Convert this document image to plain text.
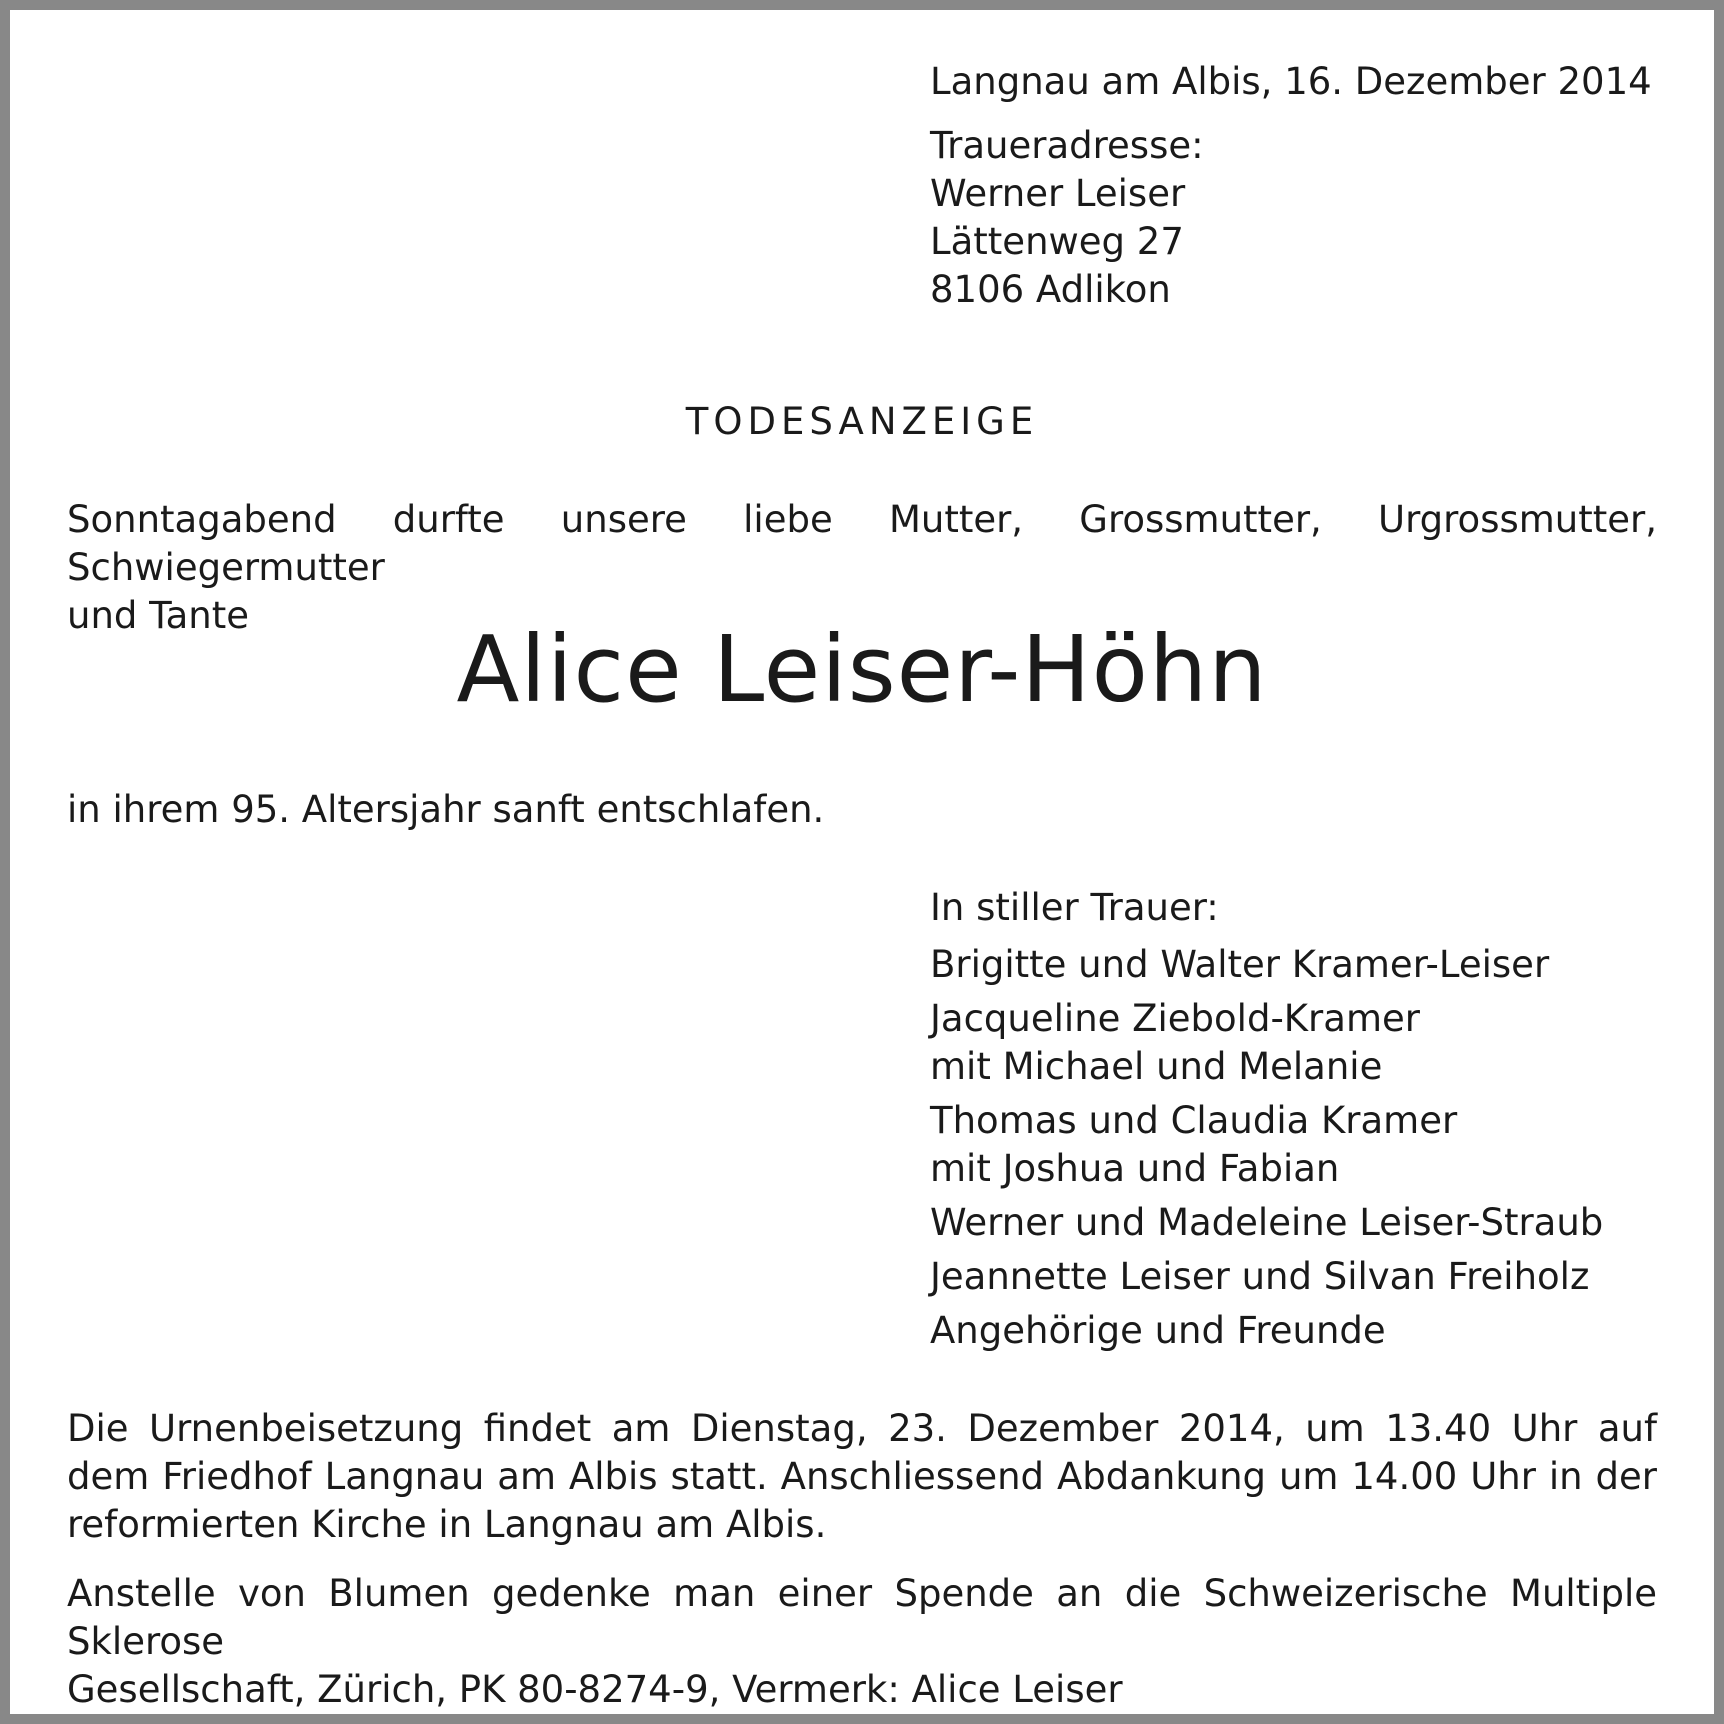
Langnau am Albis, 16. Dezember 2014
Traueradresse:
Werner Leiser
Lättenweg 27
8106 Adlikon
TODESANZEIGE
Sonntagabend durfte unsere liebe Mutter, Grossmutter, Urgrossmutter, Schwiegermutter
und Tante
Alice Leiser-Höhn
in ihrem 95. Altersjahr sanft entschlafen.
In stiller Trauer:
Brigitte und Walter Kramer-Leiser
Jacqueline Ziebold-Kramer
mit Michael und Melanie
Thomas und Claudia Kramer
mit Joshua und Fabian
Werner und Madeleine Leiser-Straub
Jeannette Leiser und Silvan Freiholz
Angehörige und Freunde
Die Urnenbeisetzung findet am Dienstag, 23. Dezember 2014, um 13.40 Uhr auf
dem Friedhof Langnau am Albis statt. Anschliessend Abdankung um 14.00 Uhr in der
reformierten Kirche in Langnau am Albis.
Anstelle von Blumen gedenke man einer Spende an die Schweizerische Multiple Sklerose
Gesellschaft, Zürich, PK 80-8274-9, Vermerk: Alice Leiser
